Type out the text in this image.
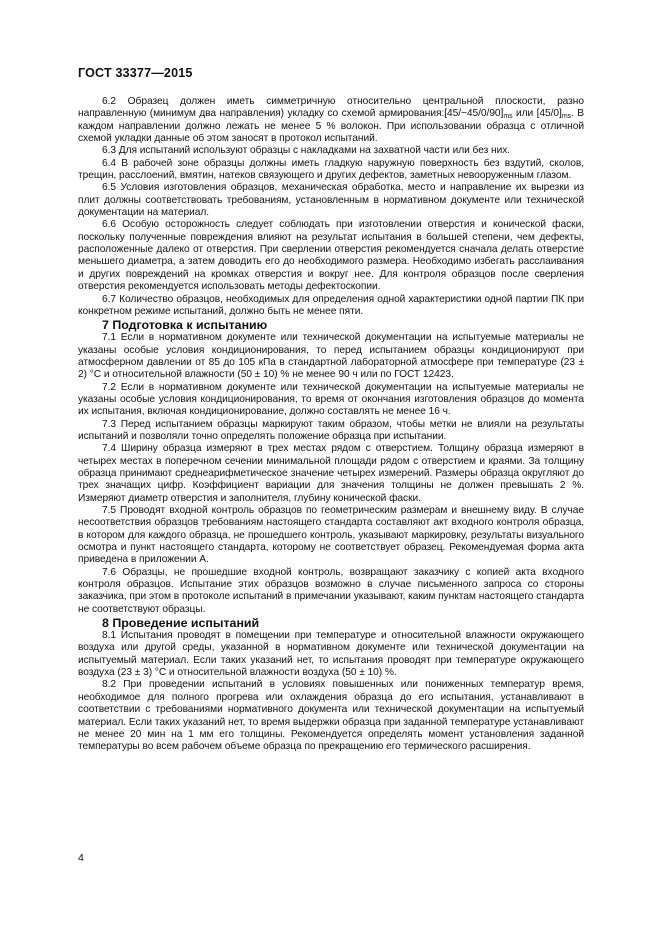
ГОСТ 33377—2015

6.2 Образец должен иметь симметричную относительно центральной плоскости, разно направленную (минимум два направления) укладку со схемой $армирования:[45/-45/0/90]_{ms}$ или $[45/0]_{ms}$. В каждом направлении должно лежать не менее 5 % волокон. При использовании образца с отличной схемой укладки данные об этом заносят в протокол испытаний.

6.3 Для испытаний используют образцы с накладками на захватной части или без них.

6.4 В рабочей зоне образцы должны иметь гладкую наружную поверхность без вздутий, сколов, трещин, расслоений, вмятин, натеков связующего и других дефектов, заметных невооруженным глазом.

6.5 Условия изготовления образцов, механическая обработка, место и направление их вырезки из плит должны соответствовать требованиям, установленным в нормативном документе или технической документации на материал.

6.6 Особую осторожность следует соблюдать при изготовлении отверстия и конической фаски, поскольку полученные повреждения влияют на результат испытания в большей степени, чем дефекты, расположенные далеко от отверстия. При сверлении отверстия рекомендуется сначала делать отверстие меньшего диаметра, а затем доводить его до необходимого размера. Необходимо избегать расслаивания и других повреждений на кромках отверстия и вокруг нее. Для контроля образцов после сверления отверстия рекомендуется использовать методы дефектоскопии.

6.7 Количество образцов, необходимых для определения одной характеристики одной партии ПК при конкретном режиме испытаний, должно быть не менее пяти.

7 Подготовка к испытанию

7.1 Если в нормативном документе или технической документации на испытуемые материалы не указаны особые условия кондиционирования, то перед испытанием образцы кондиционируют при атмосферном давлении от 85 до 105 кПа в стандартной лабораторной атмосфере при температуре (23 ± 2) °С и относительной влажности (50 ± 10) % не менее 90 ч или по ГОСТ 12423.

7.2 Если в нормативном документе или технической документации на испытуемые материалы не указаны особые условия кондиционирования, то время от окончания изготовления образцов до момента их испытания, включая кондиционирование, должно составлять не менее 16 ч.

7.3 Перед испытанием образцы маркируют таким образом, чтобы метки не влияли на результаты испытаний и позволяли точно определять положение образца при испытании.

7.4 Ширину образца измеряют в трех местах рядом с отверстием. Толщину образца измеряют в четырех местах в поперечном сечении минимальной площади рядом с отверстием и краями. За толщину образца принимают среднеарифметическое значение четырех измерений. Размеры образца округляют до трех значащих цифр. Коэффициент вариации для значения толщины не должен превышать 2 %. Измеряют диаметр отверстия и заполнителя, глубину конической фаски.

7.5 Проводят входной контроль образцов по геометрическим размерам и внешнему виду. В случае несоответствия образцов требованиям настоящего стандарта составляют акт входного контроля образца, в котором для каждого образца, не прошедшего контроль, указывают маркировку, результаты визуального осмотра и пункт настоящего стандарта, которому не соответствует образец. Рекомендуемая форма акта приведена в приложении А.

7.6 Образцы, не прошедшие входной контроль, возвращают заказчику с копией акта входного контроля образцов. Испытание этих образцов возможно в случае письменного запроса со стороны заказчика, при этом в протоколе испытаний в примечании указывают, каким пунктам настоящего стандарта не соответствуют образцы.

8 Проведение испытаний

8.1 Испытания проводят в помещении при температуре и относительной влажности окружающего воздуха или другой среды, указанной в нормативном документе или технической документации на испытуемый материал. Если таких указаний нет, то испытания проводят при температуре окружающего воздуха (23 ± 3) °С и относительной влажности воздуха (50 ± 10) %.

8.2 При проведении испытаний в условиях повышенных или пониженных температур время, необходимое для полного прогрева или охлаждения образца до его испытания, устанавливают в соответствии с требованиями нормативного документа или технической документации на испытуемый материал. Если таких указаний нет, то время выдержки образца при заданной температуре устанавливают не менее 20 мин на 1 мм его толщины. Рекомендуется определять момент установления заданной температуры во всем рабочем объеме образца по прекращению его термического расширения.

4
